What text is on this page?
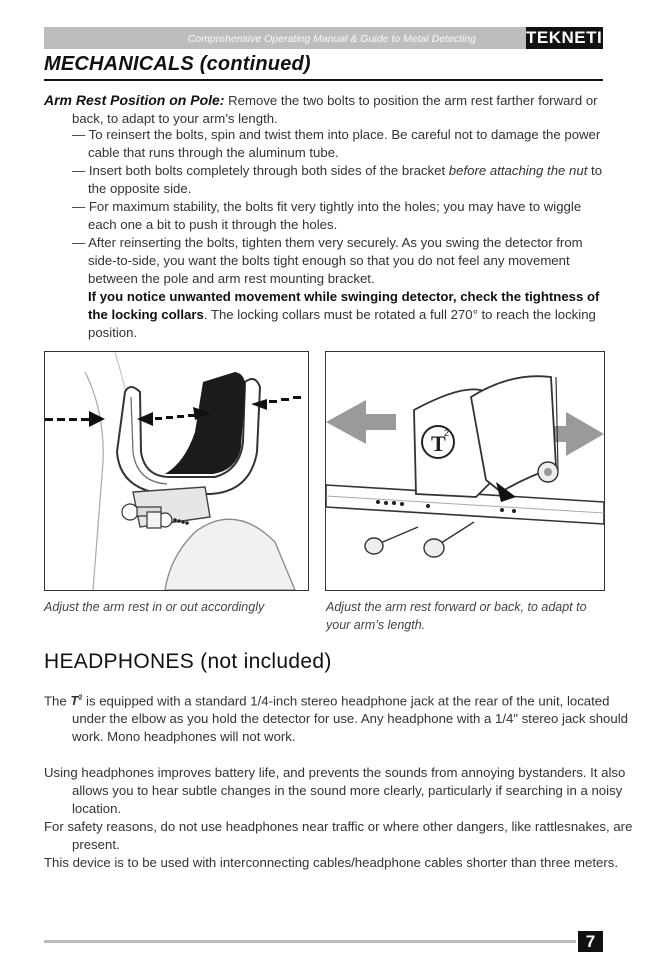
Comprehensive Operating Manual & Guide to Metal Detecting	TEKNETICS
MECHANICALS (continued)
Arm Rest Position on Pole: Remove the two bolts to position the arm rest farther forward or back, to adapt to your arm’s length.
— To reinsert the bolts, spin and twist them into place. Be careful not to damage the power cable that runs through the aluminum tube.
— Insert both bolts completely through both sides of the bracket before attaching the nut to the opposite side.
— For maximum stability, the bolts fit very tightly into the holes; you may have to wiggle each one a bit to push it through the holes.
— After reinserting the bolts, tighten them very securely. As you swing the detector from side-to-side, you want the bolts tight enough so that you do not feel any movement between the pole and arm rest mounting bracket.
If you notice unwanted movement while swinging detector, check the tightness of the locking collars. The locking collars must be rotated a full 270° to reach the locking position.
T
2
Adjust the arm rest in or out accordingly	Adjust the arm rest forward or back, to adapt to your arm’s length.
HEADPHONES (not included)
The $T^2$ is equipped with a standard 1/4-inch stereo headphone jack at the rear of the unit, located under the elbow as you hold the detector for use. Any headphone with a 1/4" stereo jack should work. Mono headphones will not work.
Using headphones improves battery life, and prevents the sounds from annoying bystanders. It also allows you to hear subtle changes in the sound more clearly, particularly if searching in a noisy location.
For safety reasons, do not use headphones near traffic or where other dangers, like rattlesnakes, are present.
This device is to be used with interconnecting cables/headphone cables shorter than three meters.
7
